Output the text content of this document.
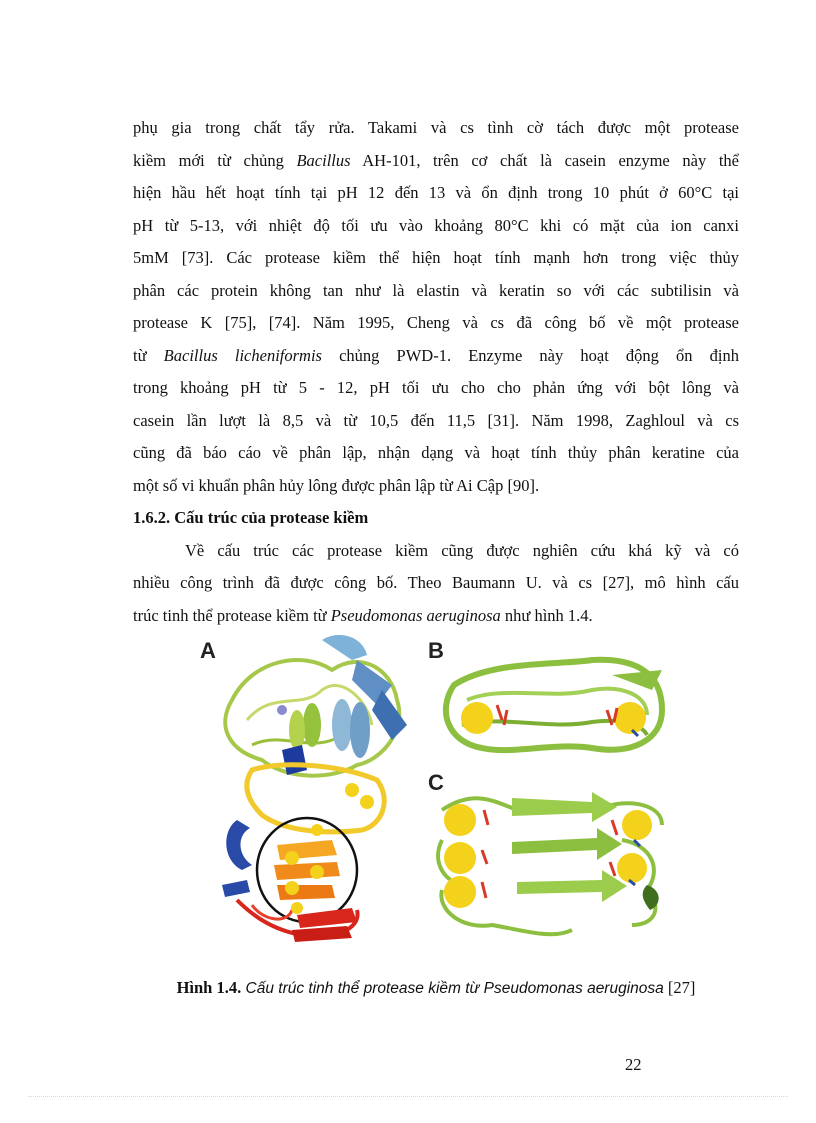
phụ gia trong chất tẩy rửa. Takami và cs tình cờ tách được một protease
kiềm mới từ chủng Bacillus AH-101, trên cơ chất là casein enzyme này thể
hiện hầu hết hoạt tính tại pH 12 đến 13 và ổn định trong 10 phút ở 60°C tại
pH từ 5-13, với nhiệt độ tối ưu vào khoảng 80°C khi có mặt của ion canxi
5mM [73]. Các protease kiềm thể hiện hoạt tính mạnh hơn trong việc thủy
phân các protein không tan như là elastin và keratin so với các subtilisin và
protease K [75], [74]. Năm 1995, Cheng và cs đã công bố về một protease
từ Bacillus licheniformis chủng PWD-1. Enzyme này hoạt động ổn định
trong khoảng pH từ 5 - 12, pH tối ưu cho cho phản ứng với bột lông và
casein lần lượt là 8,5 và từ 10,5 đến 11,5 [31]. Năm 1998, Zaghloul và cs
cũng đã báo cáo về phân lập, nhận dạng và hoạt tính thủy phân keratine của
một số vi khuẩn phân hủy lông được phân lập từ Ai Cập [90].
1.6.2. Cấu trúc của protease kiềm
Về cấu trúc các protease kiềm cũng được nghiên cứu khá kỹ và có
nhiều công trình đã được công bố. Theo Baumann U. và cs [27], mô hình cấu
trúc tinh thể protease kiềm từ Pseudomonas aeruginosa như hình 1.4.
A	B
C
Hình 1.4. Cấu trúc tinh thể protease kiềm từ Pseudomonas aeruginosa [27]
22
